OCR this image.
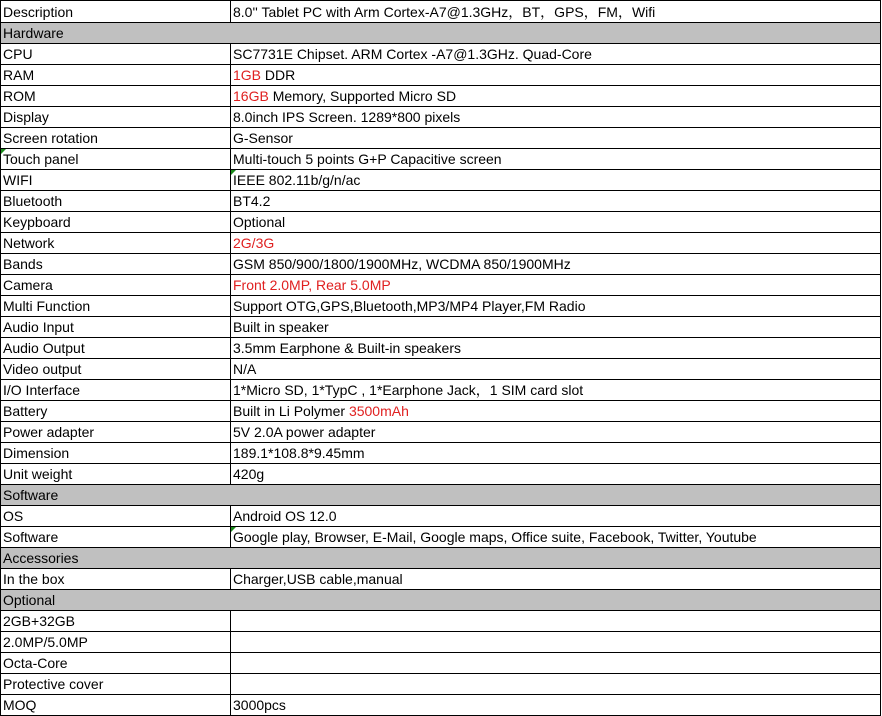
Description	8.0'' Tablet PC with Arm Cortex-A7@1.3GHz，BT，GPS，FM，Wifi
Hardware	
CPU	SC7731E Chipset. ARM Cortex -A7@1.3GHz. Quad-Core
RAM	1GB DDR
ROM	16GB Memory, Supported Micro SD
Display	8.0inch IPS Screen. 1289*800 pixels
Screen rotation	G-Sensor
Touch panel	Multi-touch 5 points G+P Capacitive screen
WIFI	IEEE 802.11b/g/n/ac
Bluetooth	BT4.2
Keypboard	Optional
Network	2G/3G
Bands	GSM 850/900/1800/1900MHz, WCDMA 850/1900MHz
Camera	Front 2.0MP, Rear 5.0MP
Multi Function	Support OTG,GPS,Bluetooth,MP3/MP4 Player,FM Radio
Audio Input	Built in speaker
Audio Output	3.5mm Earphone & Built-in speakers
Video output	N/A
I/O Interface	1*Micro SD, 1*TypC , 1*Earphone Jack，1 SIM card slot
Battery	Built in Li Polymer 3500mAh
Power adapter	5V 2.0A power adapter
Dimension	189.1*108.8*9.45mm
Unit weight	420g
Software	
OS	Android OS 12.0
Software	Google play, Browser, E-Mail, Google maps, Office suite, Facebook, Twitter, Youtube
Accessories	
In the box	Charger,USB cable,manual
Optional	
2GB+32GB	
2.0MP/5.0MP	
Octa-Core	
Protective cover	
MOQ	3000pcs
